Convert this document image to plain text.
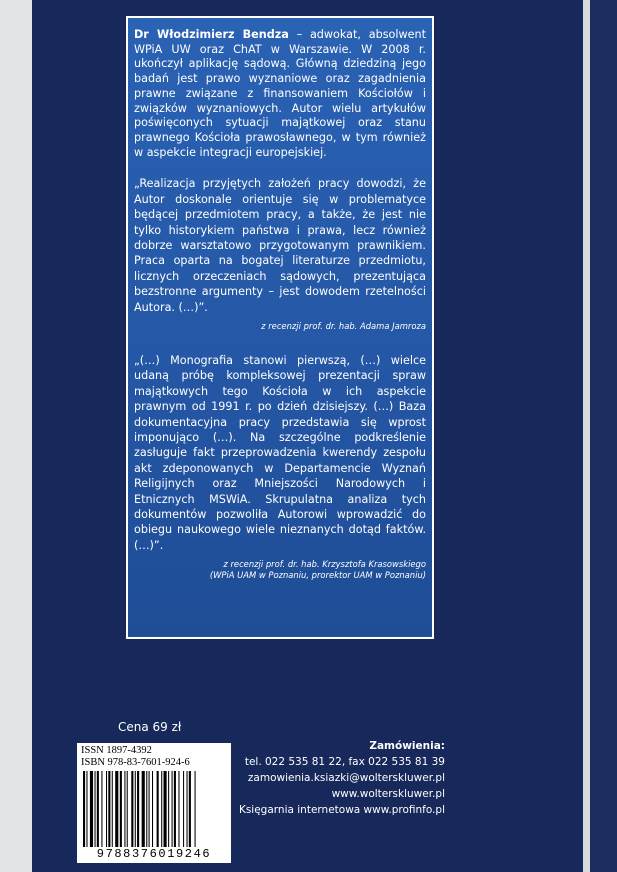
Dr Włodzimierz Bendza – adwokat, absolwent WPiA UW oraz ChAT w Warszawie. W 2008 r. ukończył aplikację sądową. Główną dziedziną jego badań jest prawo wyznaniowe oraz zagadnienia prawne związane z finansowaniem Kościołów i związków wyznaniowych. Autor wielu artykułów poświęconych sytuacji majątkowej oraz stanu prawnego Kościoła prawosławnego, w tym również w aspekcie integracji europejskiej.

„Realizacja przyjętych założeń pracy dowodzi, że Autor doskonale orientuje się w problematyce będącej przedmiotem pracy, a także, że jest nie tylko historykiem państwa i prawa, lecz również dobrze warsztatowo przygotowanym prawnikiem. Praca oparta na bogatej literaturze przedmiotu, licznych orzeczeniach sądowych, prezentująca bezstronne argumenty – jest dowodem rzetelności Autora. (…)”.

z recenzji prof. dr. hab. Adama Jamroza

„(…) Monografia stanowi pierwszą, (…) wielce udaną próbę kompleksowej prezentacji spraw majątkowych tego Kościoła w ich aspekcie prawnym od 1991 r. po dzień dzisiejszy. (…) Baza dokumentacyjna pracy przedstawia się wprost imponująco (…). Na szczególne podkreślenie zasługuje fakt przeprowadzenia kwerendy zespołu akt zdeponowanych w Departamencie Wyznań Religijnych oraz Mniejszości Narodowych i Etnicznych MSWiA. Skrupulatna analiza tych dokumentów pozwoliła Autorowi wprowadzić do obiegu naukowego wiele nieznanych dotąd faktów. (…)”.

z recenzji prof. dr. hab. Krzysztofa Krasowskiego
(WPiA UAM w Poznaniu, prorektor UAM w Poznaniu)

Cena 69 zł
ISSN 1897-4392
ISBN 978-83-7601-924-6
9788376019246
Zamówienia:
tel. 022 535 81 22, fax 022 535 81 39
zamowienia.ksiazki@wolterskluwer.pl
www.wolterskluwer.pl
Księgarnia internetowa www.profinfo.pl
